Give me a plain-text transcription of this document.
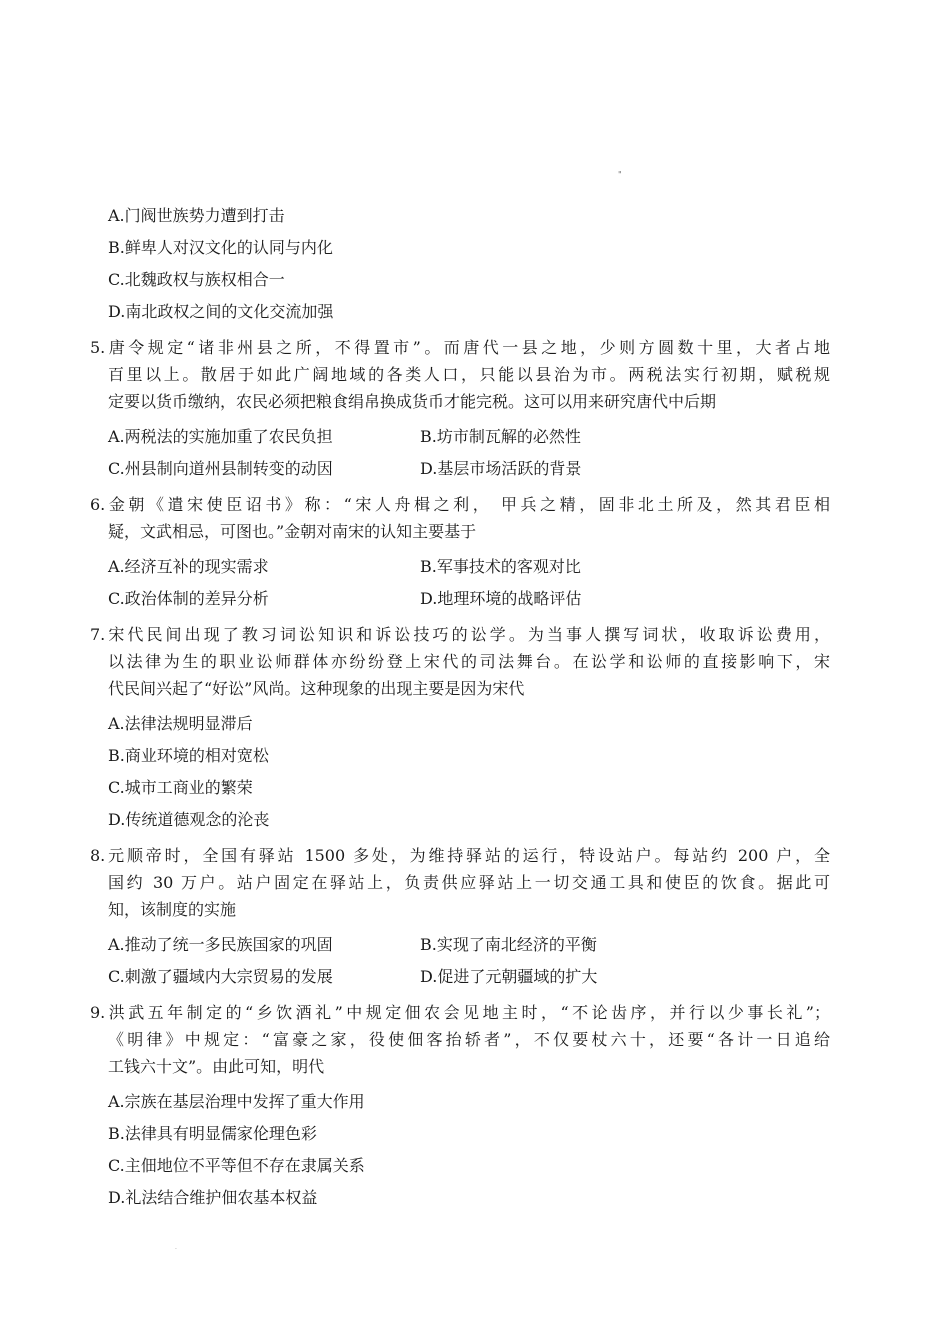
"
A.门阀世族势力遭到打击
B.鲜卑人对汉文化的认同与内化
C.北魏政权与族权相合一
D.南北政权之间的文化交流加强
5.唐令规定“诸非州县之所，不得置市”。而唐代一县之地，少则方圆数十里，大者占地
百里以上。散居于如此广阔地域的各类人口，只能以县治为市。两税法实行初期，赋税规
定要以货币缴纳，农民必须把粮食绢帛换成货币才能完税。这可以用来研究唐代中后期
A.两税法的实施加重了农民负担	B.坊市制瓦解的必然性
C.州县制向道州县制转变的动因	D.基层市场活跃的背景
6.金朝《遣宋使臣诏书》称：“宋人舟楫之利， 甲兵之精，固非北土所及，然其君臣相
疑，文武相忌，可图也。”金朝对南宋的认知主要基于
A.经济互补的现实需求	B.军事技术的客观对比
C.政治体制的差异分析	D.地理环境的战略评估
7.宋代民间出现了教习词讼知识和诉讼技巧的讼学。为当事人撰写词状，收取诉讼费用，
以法律为生的职业讼师群体亦纷纷登上宋代的司法舞台。在讼学和讼师的直接影响下，宋
代民间兴起了“好讼”风尚。这种现象的出现主要是因为宋代
A.法律法规明显滞后
B.商业环境的相对宽松
C.城市工商业的繁荣
D.传统道德观念的沦丧
8.元顺帝时，全国有驿站 1500 多处，为维持驿站的运行，特设站户。每站约 200 户，全
国约 30 万户。站户固定在驿站上，负责供应驿站上一切交通工具和使臣的饮食。据此可
知，该制度的实施
A.推动了统一多民族国家的巩固	B.实现了南北经济的平衡
C.刺激了疆域内大宗贸易的发展	D.促进了元朝疆域的扩大
9.洪武五年制定的“乡饮酒礼”中规定佃农会见地主时，“不论齿序，并行以少事长礼”；
《明律》中规定：“富豪之家，役使佃客抬轿者”，不仅要杖六十，还要“各计一日追给
工钱六十文”。由此可知，明代
A.宗族在基层治理中发挥了重大作用
B.法律具有明显儒家伦理色彩
C.主佃地位不平等但不存在隶属关系
D.礼法结合维护佃农基本权益
.
